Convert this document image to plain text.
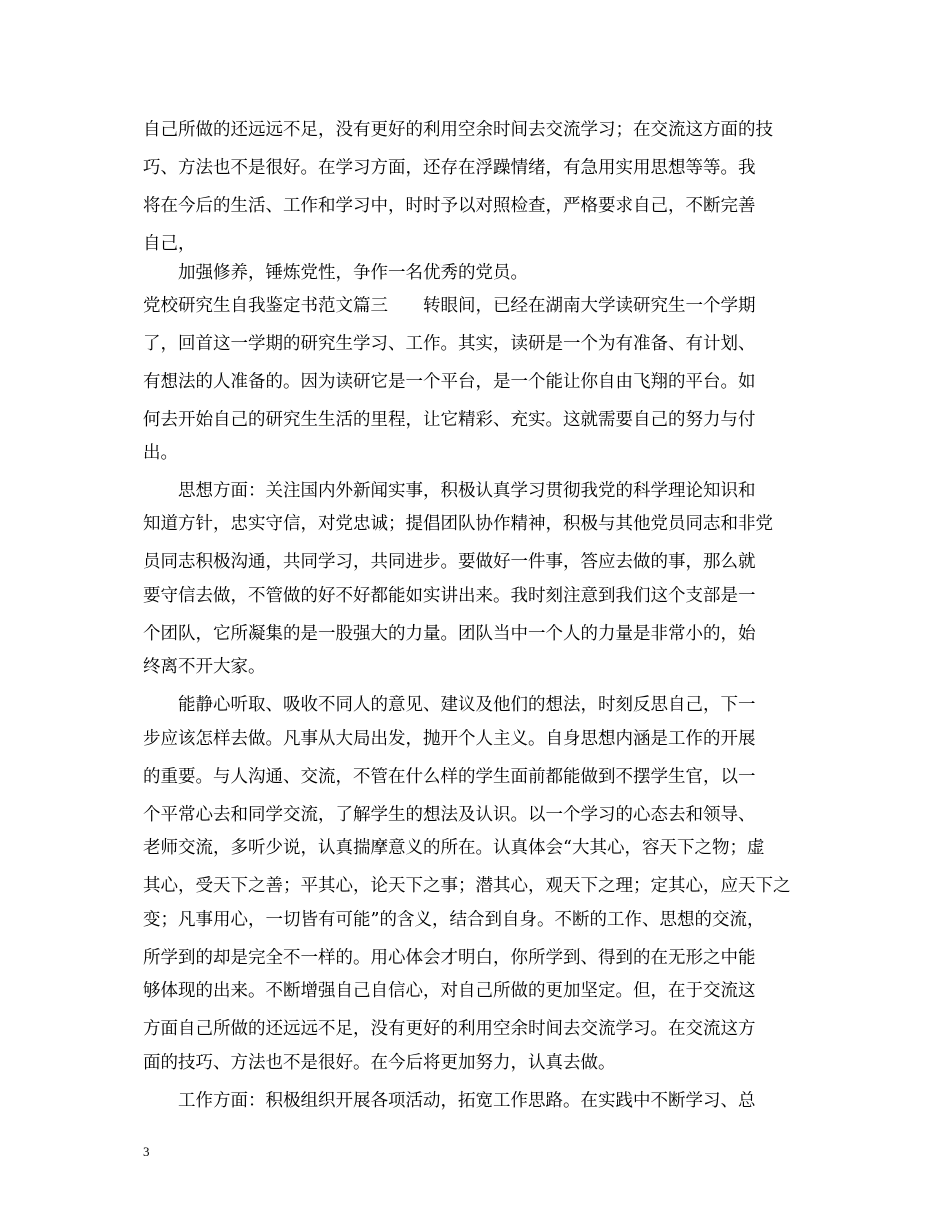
自己所做的还远远不足，没有更好的利用空余时间去交流学习；在交流这方面的技
巧、方法也不是很好。在学习方面，还存在浮躁情绪，有急用实用思想等等。我
将在今后的生活、工作和学习中，时时予以对照检查，严格要求自己，不断完善
自己，
加强修养，锤炼党性，争作一名优秀的党员。
党校研究生自我鉴定书范文篇三　　转眼间，已经在湖南大学读研究生一个学期
了，回首这一学期的研究生学习、工作。其实，读研是一个为有准备、有计划、
有想法的人准备的。因为读研它是一个平台，是一个能让你自由飞翔的平台。如
何去开始自己的研究生生活的里程，让它精彩、充实。这就需要自己的努力与付
出。
思想方面：关注国内外新闻实事，积极认真学习贯彻我党的科学理论知识和
知道方针，忠实守信，对党忠诚；提倡团队协作精神，积极与其他党员同志和非党
员同志积极沟通，共同学习，共同进步。要做好一件事，答应去做的事，那么就
要守信去做，不管做的好不好都能如实讲出来。我时刻注意到我们这个支部是一
个团队，它所凝集的是一股强大的力量。团队当中一个人的力量是非常小的，始
终离不开大家。
能静心听取、吸收不同人的意见、建议及他们的想法，时刻反思自己，下一
步应该怎样去做。凡事从大局出发，抛开个人主义。自身思想内涵是工作的开展
的重要。与人沟通、交流，不管在什么样的学生面前都能做到不摆学生官，以一
个平常心去和同学交流，了解学生的想法及认识。以一个学习的心态去和领导、
老师交流，多听少说，认真揣摩意义的所在。认真体会“大其心，容天下之物；虚
其心，受天下之善；平其心，论天下之事；潜其心，观天下之理；定其心，应天下之
变；凡事用心，一切皆有可能”的含义，结合到自身。不断的工作、思想的交流，
所学到的却是完全不一样的。用心体会才明白，你所学到、得到的在无形之中能
够体现的出来。不断增强自己自信心，对自己所做的更加坚定。但，在于交流这
方面自己所做的还远远不足，没有更好的利用空余时间去交流学习。在交流这方
面的技巧、方法也不是很好。在今后将更加努力，认真去做。
工作方面：积极组织开展各项活动，拓宽工作思路。在实践中不断学习、总
3
